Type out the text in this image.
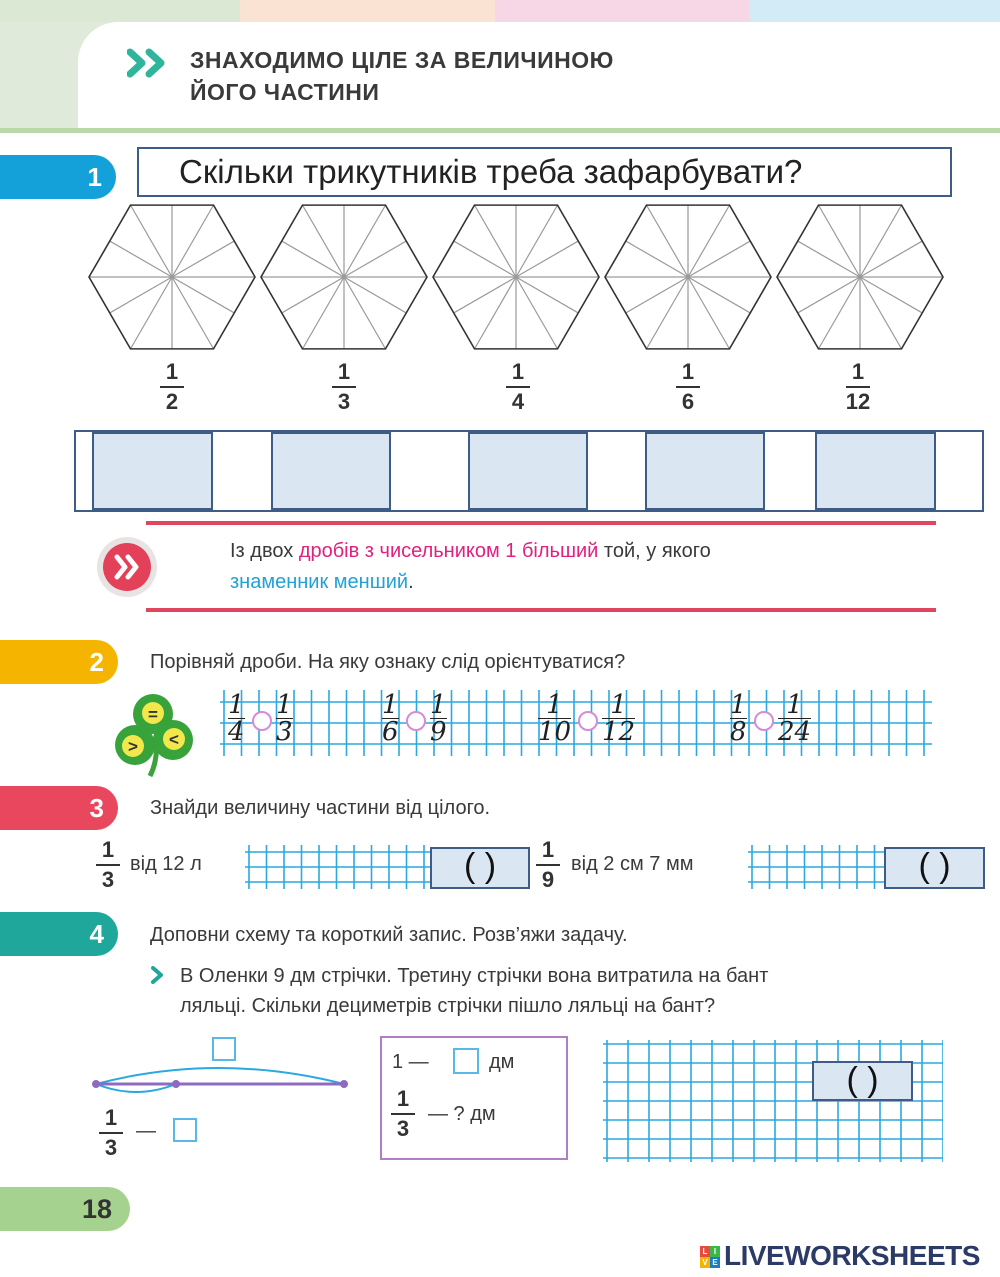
ЗНАХОДИМО ЦІЛЕ ЗА ВЕЛИЧИНОЮ
ЙОГО ЧАСТИНИ
1	Скільки трикутників треба зафарбувати?
1
2
1
3
1
4
1
6
1
12
Із двох дробів з чисельником 1 більший той, у якого
знаменник менший.
2	Порівняй дроби. На яку ознаку слід орієнтуватися?
=
> < $\frac{1}{4} \frac{1}{3}$	$\frac{1}{6} \frac{1}{9}$	$\frac{1}{10} \frac{1}{12}$	$\frac{1}{8} \frac{1}{24}$
3	Знайди величину частини від цілого.
1
3
від 12 л	( )	1
9
від 2 см 7 мм	( )
4	Доповни схему та короткий запис. Розв’яжи задачу.
В Оленки 9 дм стрічки. Третину стрічки вона витратила на бант
ляльці. Скільки дециметрів стрічки пішло ляльці на бант?
1
3
—
1 —	дм
1
3
— ? дм
( )
18
L I
V E LIVEWORKSHEETS
